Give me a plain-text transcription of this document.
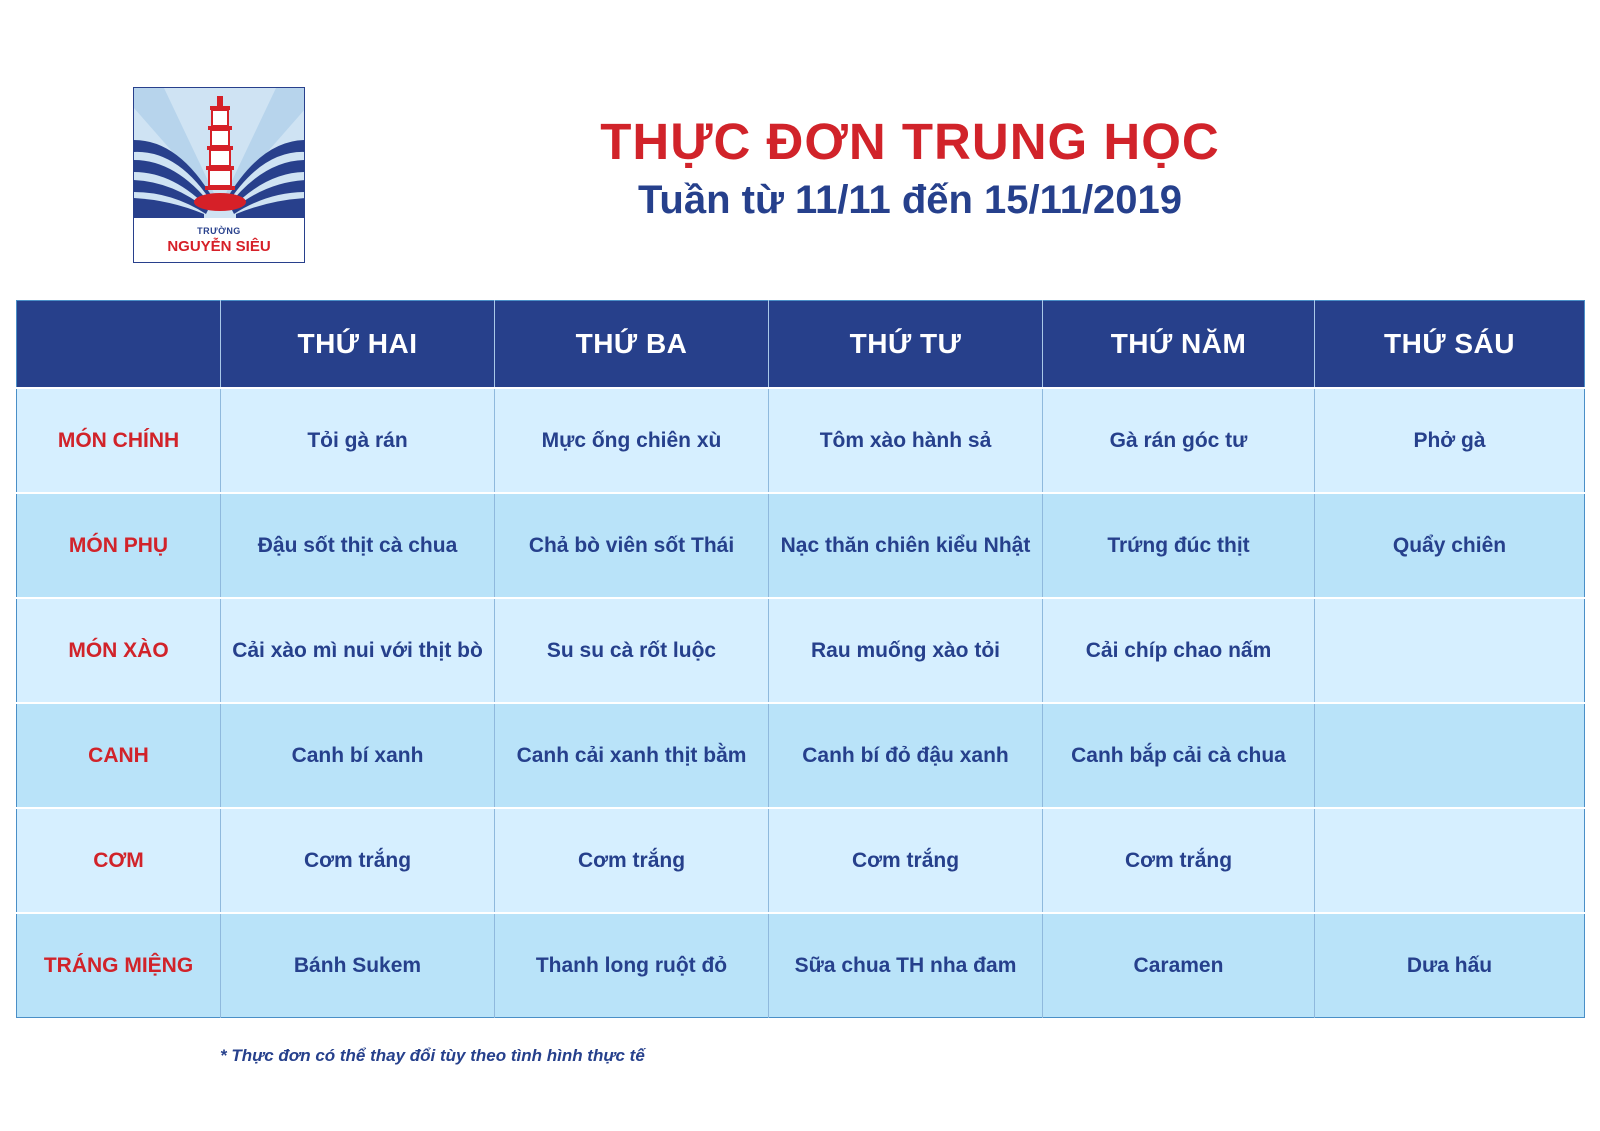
TRƯỜNG
NGUYỄN SIÊU
THỰC ĐƠN TRUNG HỌC
Tuần từ 11/11 đến 15/11/2019
	THỨ HAI	THỨ BA	THỨ TƯ	THỨ NĂM	THỨ SÁU
MÓN CHÍNH	Tỏi gà rán	Mực ống chiên xù	Tôm xào hành sả	Gà rán góc tư	Phở gà
MÓN PHỤ	Đậu sốt thịt cà chua	Chả bò viên sốt Thái	Nạc thăn chiên kiểu Nhật	Trứng đúc thịt	Quẩy chiên
MÓN XÀO	Cải xào mì nui với thịt bò	Su su cà rốt luộc	Rau muống xào tỏi	Cải chíp chao nấm	
CANH	Canh bí xanh	Canh cải xanh thịt bằm	Canh bí đỏ đậu xanh	Canh bắp cải cà chua	
CƠM	Cơm trắng	Cơm trắng	Cơm trắng	Cơm trắng	
TRÁNG MIỆNG	Bánh Sukem	Thanh long ruột đỏ	Sữa chua TH nha đam	Caramen	Dưa hấu
* Thực đơn có thể thay đổi tùy theo tình hình thực tế
